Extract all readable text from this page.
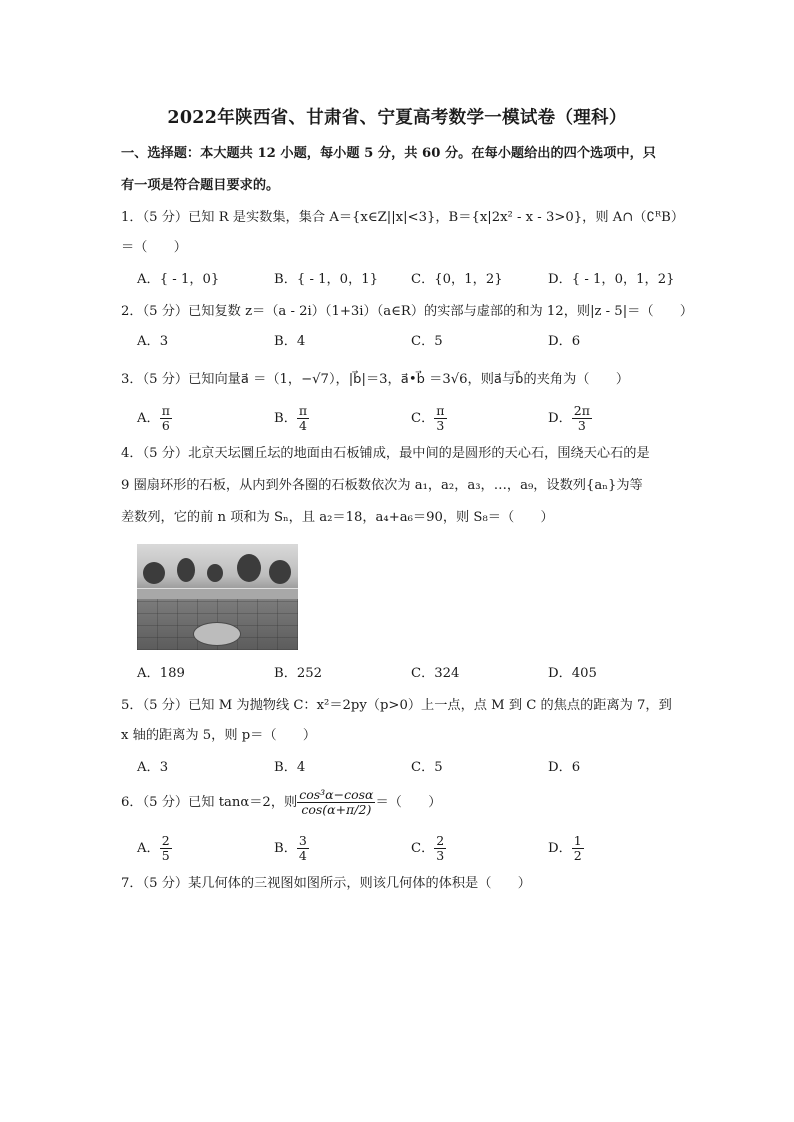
2022年陕西省、甘肃省、宁夏高考数学一模试卷（理科）
一、选择题：本大题共 12 小题，每小题 5 分，共 60 分。在每小题给出的四个选项中，只
有一项是符合题目要求的。
1．（5 分）已知 R 是实数集，集合 A＝{x∈Z||x|<3}，B＝{x|2x² - x - 3>0}，则 A∩（∁ᴿB）
＝（　　）
A．{ - 1，0}	B．{ - 1，0，1} C．{0，1，2}	D．{ - 1，0，1，2}
2．（5 分）已知复数 z＝（a - 2i）（1+3i）（a∈R）的实部与虚部的和为 12，则|z - 5|＝（　　）
A．3	B．4	C．5	D．6
3．（5 分）已知向量a⃗ ＝（1，−√7），|b⃗|＝3，a⃗•b⃗ ＝3√6，则a⃗与b⃗的夹角为（　　）
A． $\frac{\pi}{6}$	B． $\frac{\pi}{4}$	C． $\frac{\pi}{3}$	D． $\frac{2\pi}{3}$
4．（5 分）北京天坛圜丘坛的地面由石板铺成，最中间的是圆形的天心石，围绕天心石的是
9 圈扇环形的石板，从内到外各圈的石板数依次为 a₁，a₂，a₃，…，a₉，设数列{aₙ}为等
差数列，它的前 n 项和为 Sₙ，且 a₂＝18，a₄+a₆＝90，则 S₈＝（　　）
A．189	B．252	C．324	D．405
5．（5 分）已知 M 为抛物线 C：x²＝2py（p>0）上一点，点 M 到 C 的焦点的距离为 7，到
x 轴的距离为 5，则 p＝（　　）
A．3	B．4	C．5	D．6
6．（5 分）已知 tanα＝2，则 $\frac{\text{cos³α−cosα}}{\cos(\alpha+\pi/2)}$ ＝（　　）
A． $\frac{2}{5}$	B． $\frac{3}{4}$	C． $\frac{2}{3}$	D． $\frac{1}{2}$
7．（5 分）某几何体的三视图如图所示，则该几何体的体积是（　　）
